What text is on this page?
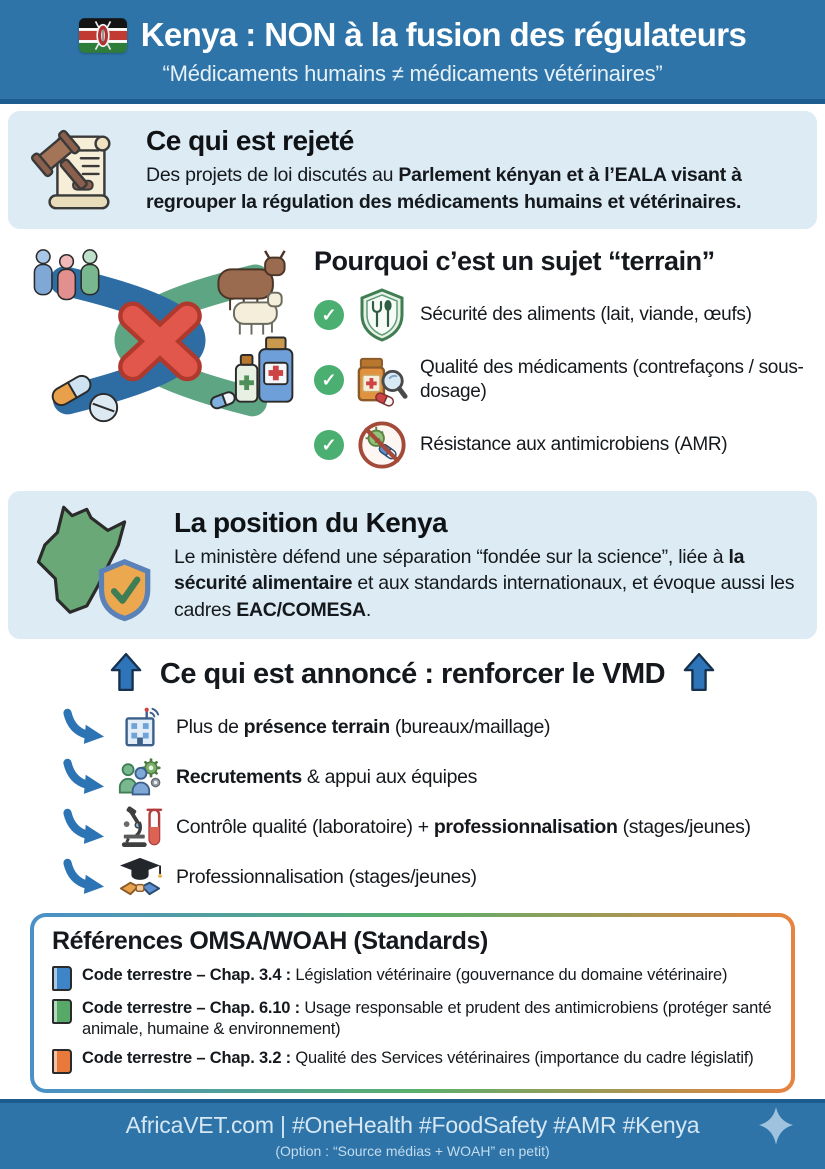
Kenya : NON à la fusion des régulateurs
“Médicaments humains ≠ médicaments vétérinaires”
Ce qui est rejeté
Des projets de loi discutés au Parlement kényan et à l’EALA visant à regrouper la régulation des médicaments humains et vétérinaires.
Pourquoi c’est un sujet “terrain”
✓	Sécurité des aliments (lait, viande, œufs)
✓
Qualité des médicaments (contrefaçons / sous-dosage)
✓	Résistance aux antimicrobiens (AMR)
La position du Kenya
Le ministère défend une séparation “fondée sur la science”, liée à la sécurité alimentaire et aux standards internationaux, et évoque aussi les cadres EAC/COMESA.
Ce qui est annoncé : renforcer le VMD
Plus de présence terrain (bureaux/maillage)
Recrutements & appui aux équipes
Contrôle qualité (laboratoire) + professionnalisation (stages/jeunes)
Professionnalisation (stages/jeunes)
Références OMSA/WOAH (Standards)
Code terrestre – Chap. 3.4 : Législation vétérinaire (gouvernance du domaine vétérinaire)
Code terrestre – Chap. 6.10 : Usage responsable et prudent des antimicrobiens (protéger santé animale, humaine & environnement)
Code terrestre – Chap. 3.2 : Qualité des Services vétérinaires (importance du cadre législatif)
AfricaVET.com | #OneHealth #FoodSafety #AMR #Kenya
(Option : “Source médias + WOAH” en petit)
